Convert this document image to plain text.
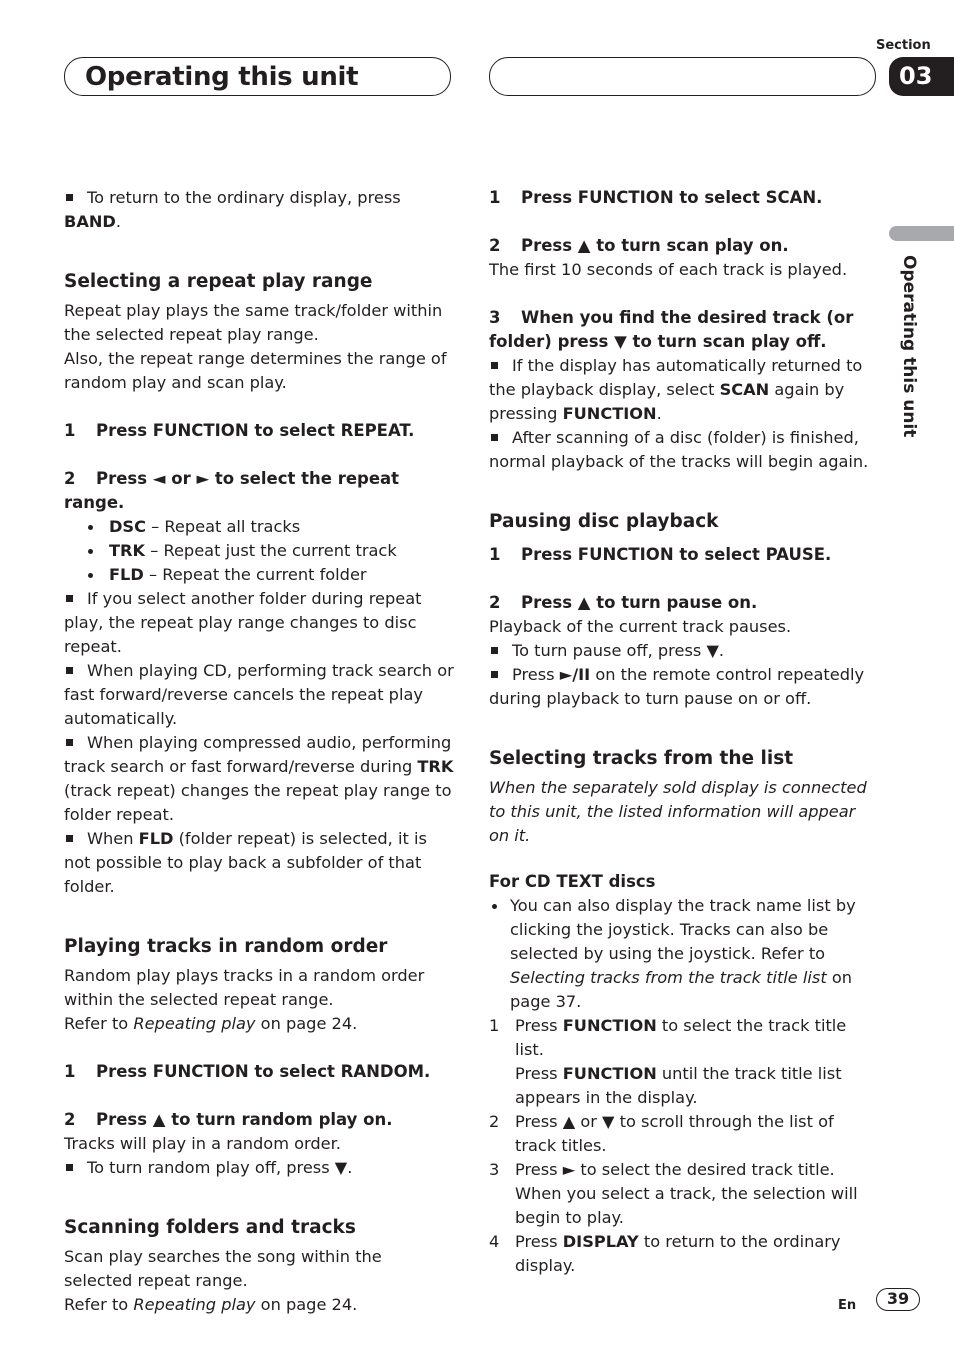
Operating this unit
Section
03
Operating this unit

To return to the ordinary display, press BAND.

Selecting a repeat play range

Repeat play plays the same track/folder within the selected repeat play range.

Also, the repeat range determines the range of random play and scan play.

1 Press FUNCTION to select REPEAT.

2 Press ◄ or ► to select the repeat range.

DSC – Repeat all tracks

TRK – Repeat just the current track

FLD – Repeat the current folder

If you select another folder during repeat play, the repeat play range changes to disc repeat.

When playing CD, performing track search or fast forward/reverse cancels the repeat play automatically.

When playing compressed audio, performing track search or fast forward/reverse during TRK (track repeat) changes the repeat play range to folder repeat.

When FLD (folder repeat) is selected, it is not possible to play back a subfolder of that folder.

Playing tracks in random order

Random play plays tracks in a random order within the selected repeat range.

Refer to Repeating play on page 24.

1 Press FUNCTION to select RANDOM.

2 Press ▲ to turn random play on.

Tracks will play in a random order.

To turn random play off, press ▼.

Scanning folders and tracks

Scan play searches the song within the selected repeat range.

Refer to Repeating play on page 24.

1 Press FUNCTION to select SCAN.

2 Press ▲ to turn scan play on.

The first 10 seconds of each track is played.

3 When you find the desired track (or folder) press ▼ to turn scan play off.

If the display has automatically returned to the playback display, select SCAN again by pressing FUNCTION.

After scanning of a disc (folder) is finished, normal playback of the tracks will begin again.

Pausing disc playback

1 Press FUNCTION to select PAUSE.

2 Press ▲ to turn pause on.

Playback of the current track pauses.

To turn pause off, press ▼.

Press ►/II on the remote control repeatedly during playback to turn pause on or off.

Selecting tracks from the list

When the separately sold display is connected to this unit, the listed information will appear on it.

For CD TEXT discs

You can also display the track name list by clicking the joystick. Tracks can also be selected by using the joystick. Refer to Selecting tracks from the track title list on page 37.

1 Press FUNCTION to select the track title list.

Press FUNCTION until the track title list appears in the display.

2 Press ▲ or ▼ to scroll through the list of track titles.

3 Press ► to select the desired track title.

When you select a track, the selection will begin to play.

4 Press DISPLAY to return to the ordinary display.

En	39
